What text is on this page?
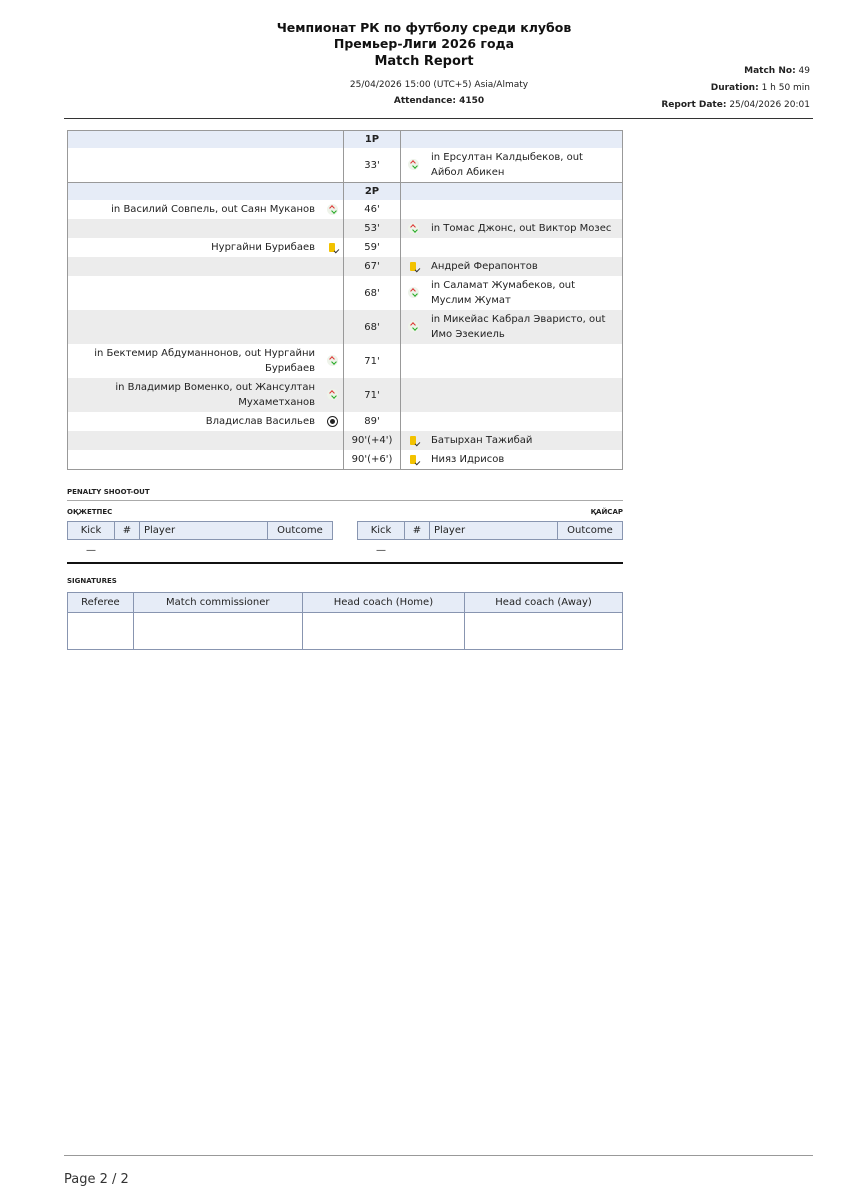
Чемпионат РК по футболу среди клубов
Премьер-Лиги 2026 года
Match Report
25/04/2026 15:00 (UTC+5) Asia/Almaty
Attendance: 4150
Match No: 49
Duration: 1 h 50 min
Report Date: 25/04/2026 20:01
		1P		
		33'		in Ерсултан Калдыбеков, out Айбол Абикен
		2P		
in Василий Совпель, out Саян Муканов		46'		
		53'		in Томас Джонс, out Виктор Мозес
Нургайни Бурибаев		59'		
		67'		Андрей Ферапонтов
		68'		in Саламат Жумабеков, out Муслим Жумат
		68'		in Микейас Кабрал Эваристо, out Имо Эзекиель
in Бектемир Абдуманнонов, out Нургайни Бурибаев		71'		
in Владимир Воменко, out Жансултан Мухаметханов		71'		
Владислав Васильев		89'		
		90'(+4')		Батырхан Тажибай
		90'(+6')		Нияз Идрисов
PENALTY SHOOT-OUT
ОҚЖЕТПЕС	ҚАЙСАР
Kick	#	Player	Outcome
—			
Kick	#	Player	Outcome
—			
SIGNATURES
Referee	Match commissioner	Head coach (Home)	Head coach (Away)

Page 2 / 2
